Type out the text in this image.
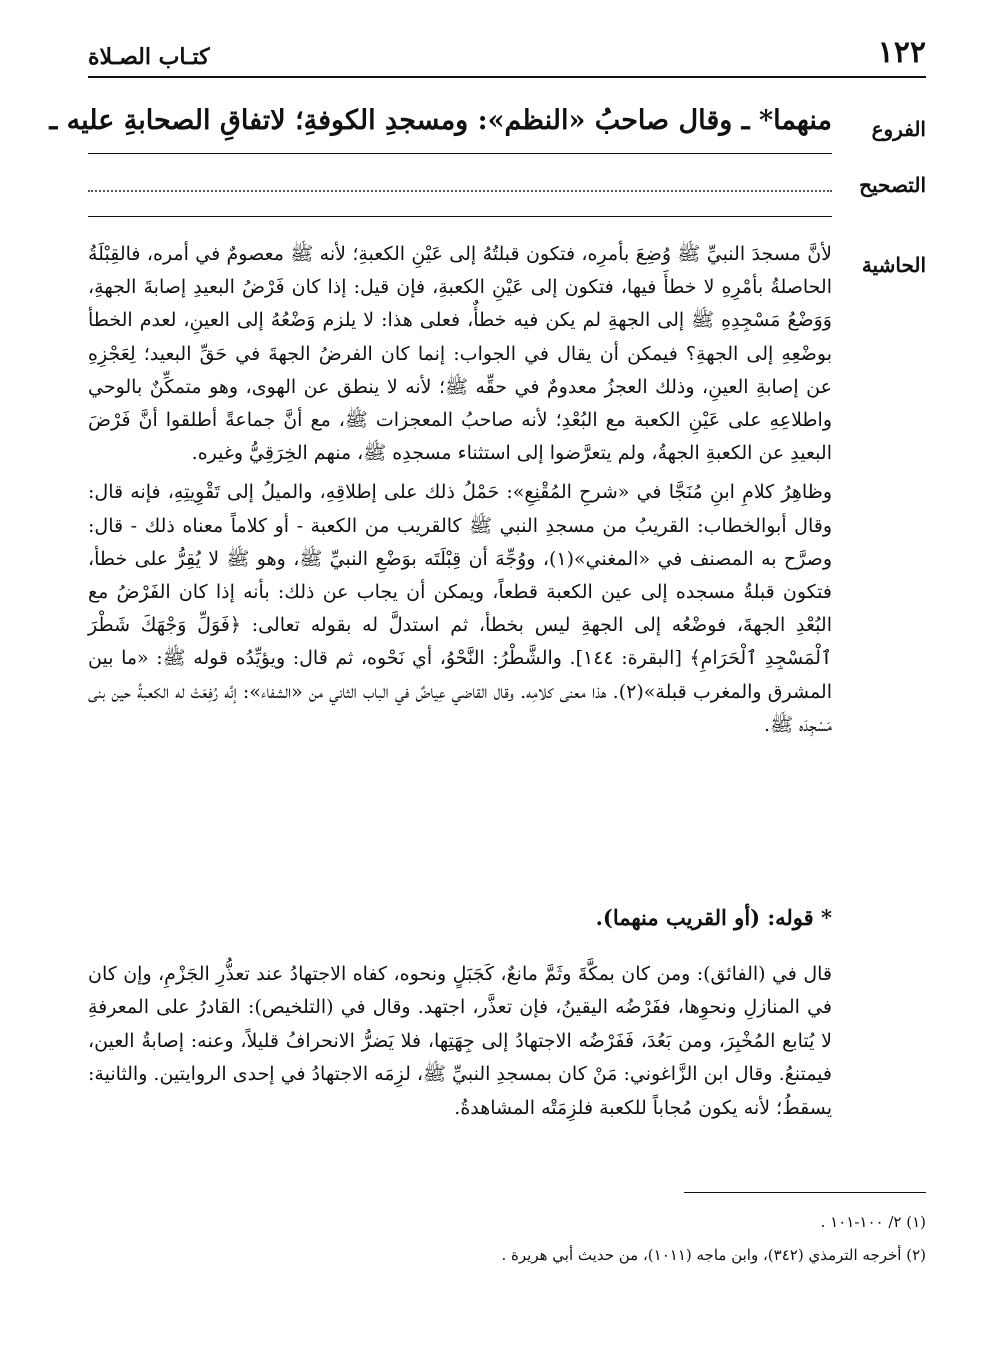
١٢٢
كتـاب الصـلاة
الفروع
منهما* ـ وقال صاحبُ «النظم»: ومسجدِ الكوفةِ؛ لاتفاقِ الصحابةِ عليه ـ
التصحيح
الحاشية

لأنَّ مسجدَ النبيِّ ﷺ وُضِعَ بأمرِه، فتكون قبلتُهُ إلى عَيْنِ الكعبةِ؛ لأنه ﷺ معصومٌ في أمره، فالقِبْلَةُ الحاصلةُ بأمْرِهِ لا خطأَ فيها، فتكون إلى عَيْنِ الكعبةِ، فإن قيل: إذا كان فَرْضُ البعيدِ إصابةَ الجهةِ، وَوَضْعُ مَسْجِدِهِ ﷺ إلى الجهةِ لم يكن فيه خطأٌ، فعلى هذا: لا يلزم وَضْعُهُ إلى العينِ، لعدم الخطأ بوضْعِهِ إلى الجهةِ؟ فيمكن أن يقال في الجواب: إنما كان الفرضُ الجهةَ في حَقِّ البعيد؛ لِعَجْزِهِ عن إصابةِ العينِ، وذلك العجزُ معدومٌ في حقِّه ﷺ؛ لأنه لا ينطق عن الهوى، وهو متمكِّنٌ بالوحي واطلاعِهِ على عَيْنِ الكعبة مع البُعْدِ؛ لأنه صاحبُ المعجزات ﷺ، مع أنَّ جماعةً أطلقوا أنَّ فَرْضَ البعيدِ عن الكعبةِ الجهةُ، ولم يتعرَّضوا إلى استثناء مسجدِه ﷺ، منهم الخِرَقِيُّ وغيره.

وظاهِرُ كلامِ ابنِ مُنَجَّا في «شرحِ المُقْنِعِ»: حَمْلُ ذلك على إطلاقِهِ، والميلُ إلى تَقْوِيتِهِ، فإنه قال: وقال أبوالخطاب: القريبُ من مسجدِ النبي ﷺ كالقريب من الكعبة - أو كلاماً معناه ذلك - قال: وصرَّح به المصنف في «المغني»(١)، ووُجِّهَ أن قِبْلَتَه بوَضْعِ النبيِّ ﷺ، وهو ﷺ لا يُقِرُّ على خطأ، فتكون قبلةُ مسجده إلى عين الكعبة قطعاً، ويمكن أن يجاب عن ذلك: بأنه إذا كان الفَرْضُ مع البُعْدِ الجهةَ، فوضْعُه إلى الجهةِ ليس بخطأ، ثم استدلَّ له بقوله تعالى: ﴿فَوَلِّ وَجْهَكَ شَطْرَ ٱلْمَسْجِدِ ٱلْحَرَامِ﴾ [البقرة: ١٤٤]. والشَّطْرُ: النَّحْوُ، أي نَحْوه، ثم قال: ويؤيِّدُه قوله ﷺ: «ما بين المشرق والمغرب قبلة»(٢). هذا معنى كلامِه. وقال القاضي عِياضٌ في الباب الثاني من «الشفاء»: إنَّه رُفِعَتْ له الكعبةُ حين بنى مَسْجِدَه ﷺ.

* قوله: (أو القريب منهما).

قال في (الفائق): ومن كان بمكَّةَ وثَمَّ مانعٌ، كَجَبَلٍ ونحوه، كفاه الاجتهادُ عند تعذُّرِ الجَزْمِ، وإن كان في المنازلِ ونحوِها، ففَرْضُه اليقينُ، فإن تعذَّر، اجتهد. وقال في (التلخيص): القادرُ على المعرفةِ لا يُتابع المُخْبِرَ، ومن بَعُدَ، فَفَرْضُه الاجتهادُ إلى جِهَتِها، فلا يَضرُّ الانحرافُ قليلاً، وعنه: إصابةُ العين، فيمتنعُ. وقال ابن الزَّاغوني: مَنْ كان بمسجدِ النبيِّ ﷺ، لزِمَه الاجتهادُ في إحدى الروايتين. والثانية: يسقطُ؛ لأنه يكون مُجاباً للكعبة فلزِمَتْه المشاهدةُ.

(١) ٢/ ١٠٠-١٠١ .
(٢) أخرجه الترمذي (٣٤٢)، وابن ماجه (١٠١١)، من حديث أبي هريرة .
